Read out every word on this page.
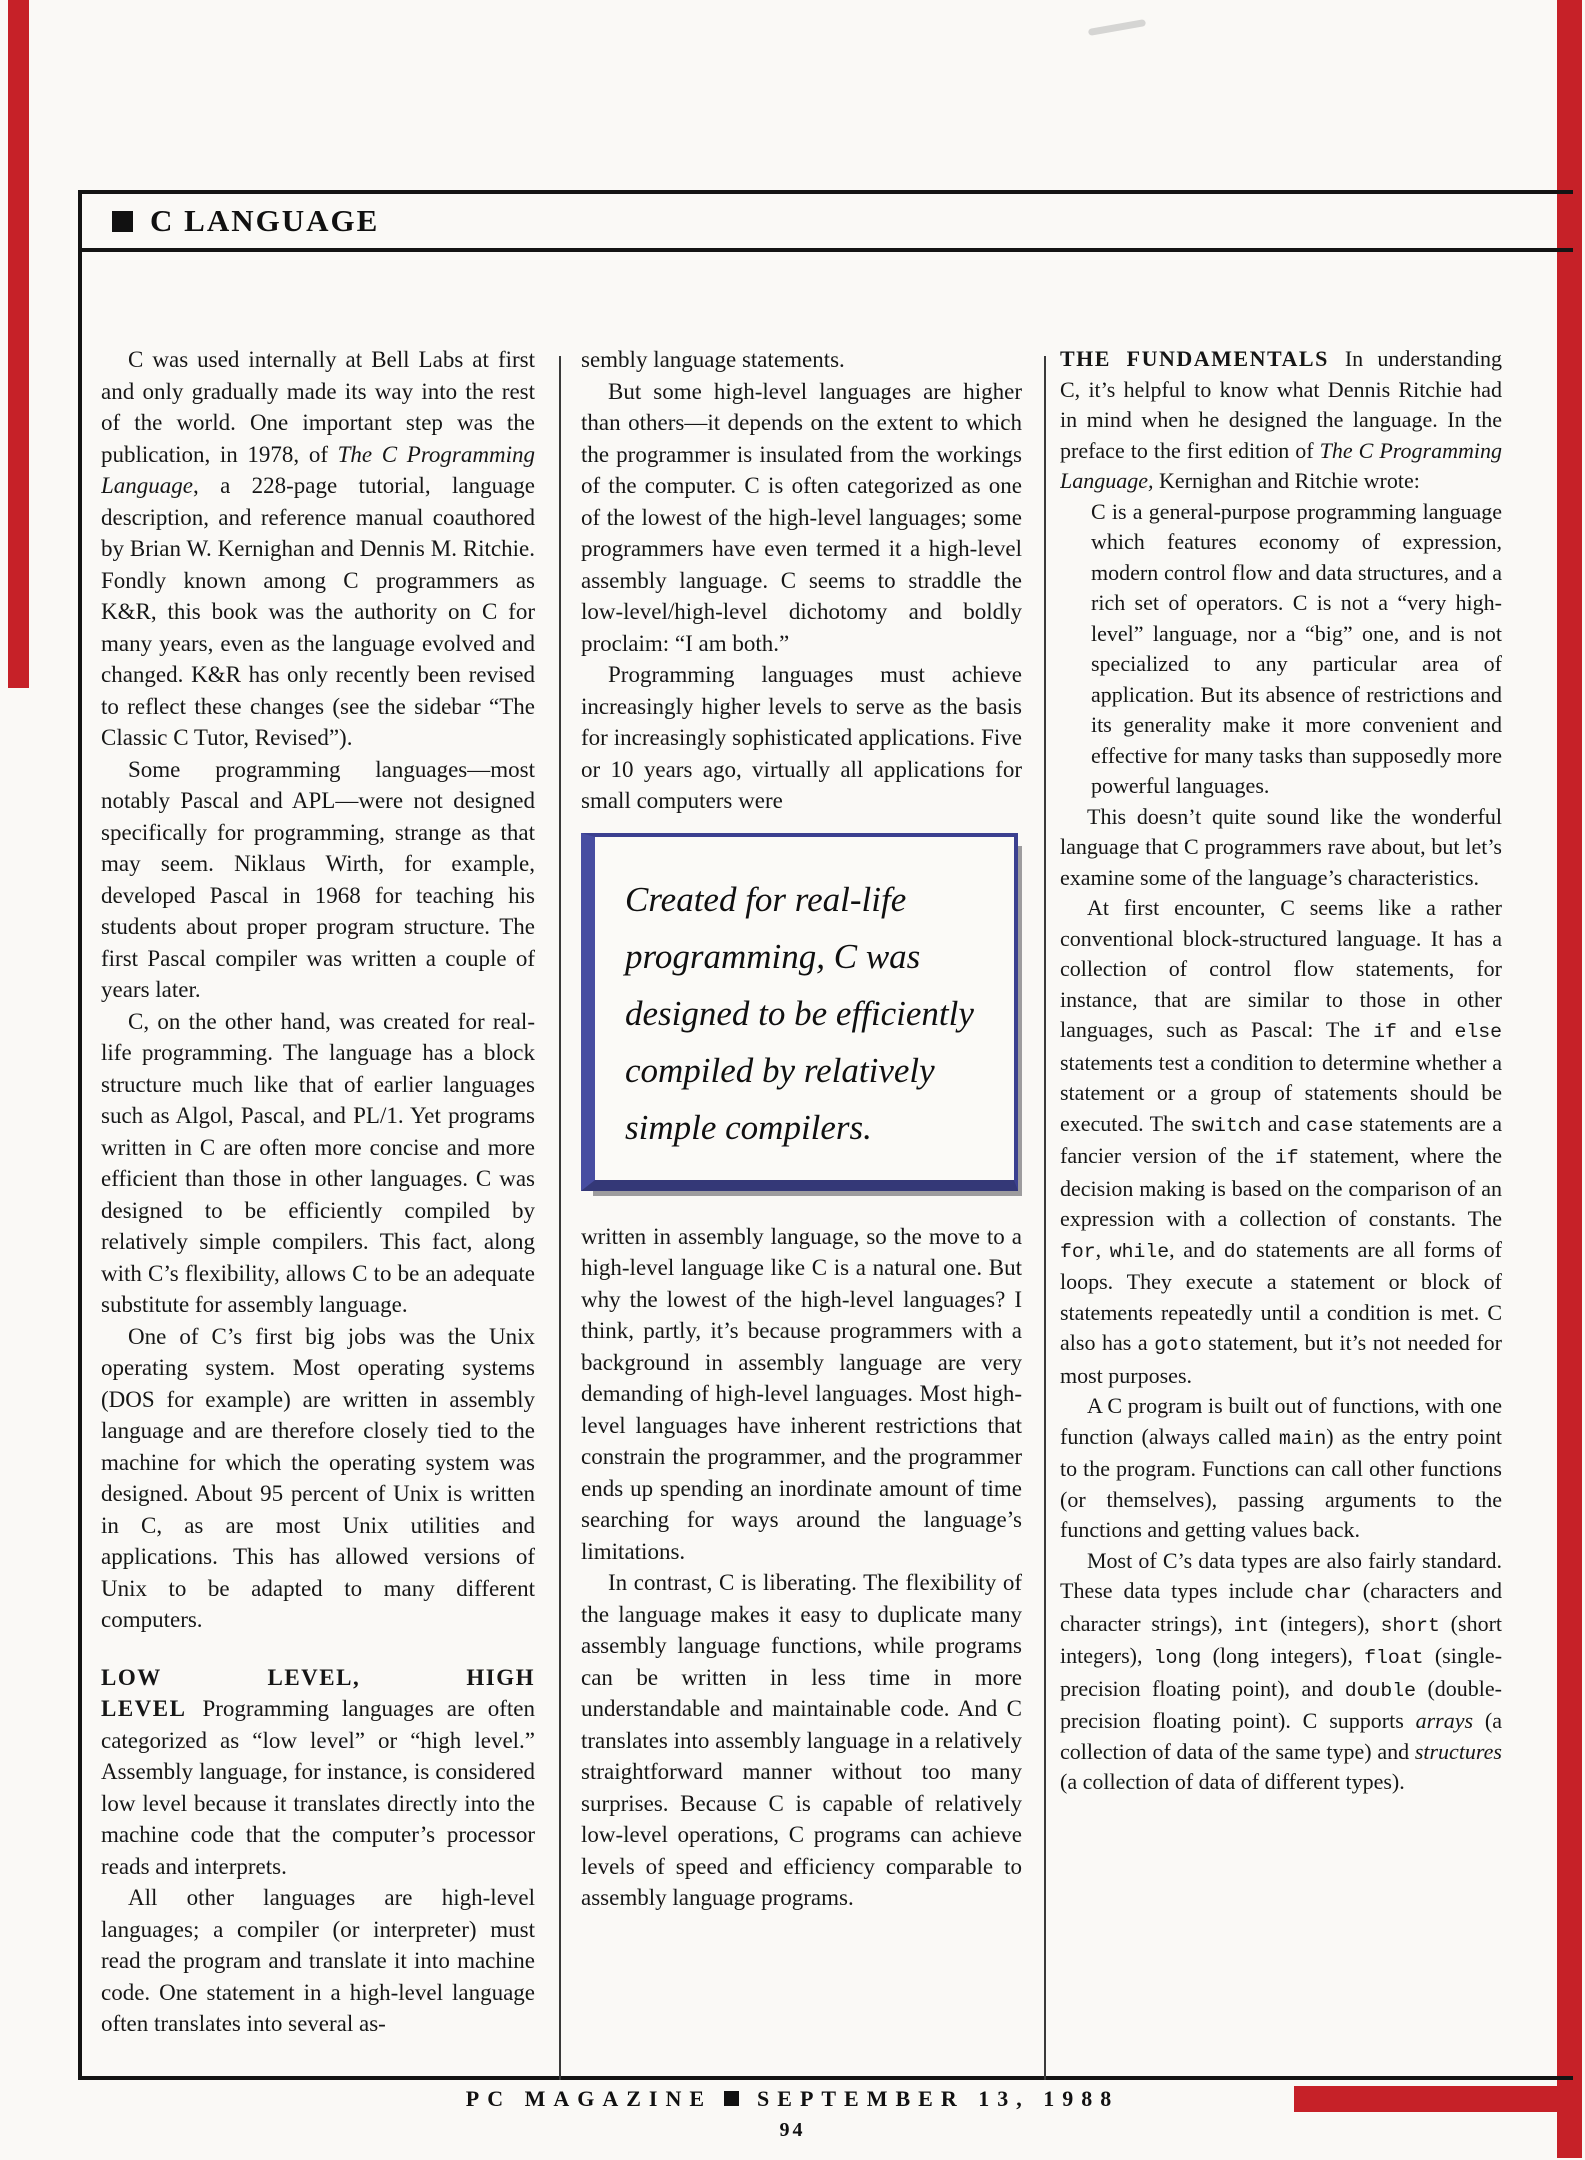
C LANGUAGE

C was used internally at Bell Labs at first and only gradually made its way into the rest of the world. One important step was the publication, in 1978, of The C Programming Language, a 228-page tutorial, language description, and reference manual coauthored by Brian W. Kernighan and Dennis M. Ritchie. Fondly known among C programmers as K&R, this book was the authority on C for many years, even as the language evolved and changed. K&R has only recently been revised to reflect these changes (see the sidebar “The Classic C Tutor, Revised”).

Some programming languages—most notably Pascal and APL—were not designed specifically for programming, strange as that may seem. Niklaus Wirth, for example, developed Pascal in 1968 for teaching his students about proper program structure. The first Pascal compiler was written a couple of years later.

C, on the other hand, was created for real-life programming. The language has a block structure much like that of earlier languages such as Algol, Pascal, and PL/1. Yet programs written in C are often more concise and more efficient than those in other languages. C was designed to be efficiently compiled by relatively simple compilers. This fact, along with C’s flexibility, allows C to be an adequate substitute for assembly language.

One of C’s first big jobs was the Unix operating system. Most operating systems (DOS for example) are written in assembly language and are therefore closely tied to the machine for which the operating system was designed. About 95 percent of Unix is written in C, as are most Unix utilities and applications. This has allowed versions of Unix to be adapted to many different computers.

LOW LEVEL, HIGH LEVEL Programming languages are often categorized as “low level” or “high level.” Assembly language, for instance, is considered low level because it translates directly into the machine code that the computer’s processor reads and interprets.

All other languages are high-level languages; a compiler (or interpreter) must read the program and translate it into machine code. One statement in a high-level language often translates into several as-

sembly language statements.

But some high-level languages are higher than others—it depends on the extent to which the programmer is insulated from the workings of the computer. C is often categorized as one of the lowest of the high-level languages; some programmers have even termed it a high-level assembly language. C seems to straddle the low-level/high-level dichotomy and boldly proclaim: “I am both.”

Programming languages must achieve increasingly higher levels to serve as the basis for increasingly sophisticated applications. Five or 10 years ago, virtually all applications for small computers were

Created for real-life programming, C was designed to be efficiently compiled by relatively simple compilers.

written in assembly language, so the move to a high-level language like C is a natural one. But why the lowest of the high-level languages? I think, partly, it’s because programmers with a background in assembly language are very demanding of high-level languages. Most high-level languages have inherent restrictions that constrain the programmer, and the programmer ends up spending an inordinate amount of time searching for ways around the language’s limitations.

In contrast, C is liberating. The flexibility of the language makes it easy to duplicate many assembly language functions, while programs can be written in less time in more understandable and maintainable code. And C translates into assembly language in a relatively straightforward manner without too many surprises. Because C is capable of relatively low-level operations, C programs can achieve levels of speed and efficiency comparable to assembly language programs.

THE FUNDAMENTALS In understanding C, it’s helpful to know what Dennis Ritchie had in mind when he designed the language. In the preface to the first edition of The C Programming Language, Kernighan and Ritchie wrote:

C is a general-purpose programming language which features economy of expression, modern control flow and data structures, and a rich set of operators. C is not a “very high-level” language, nor a “big” one, and is not specialized to any particular area of application. But its absence of restrictions and its generality make it more convenient and effective for many tasks than supposedly more powerful languages.

This doesn’t quite sound like the wonderful language that C programmers rave about, but let’s examine some of the language’s characteristics.

At first encounter, C seems like a rather conventional block-structured language. It has a collection of control flow statements, for instance, that are similar to those in other languages, such as Pascal: The if and else statements test a condition to determine whether a statement or a group of statements should be executed. The switch and case statements are a fancier version of the if statement, where the decision making is based on the comparison of an expression with a collection of constants. The for, while, and do statements are all forms of loops. They execute a statement or block of statements repeatedly until a condition is met. C also has a goto statement, but it’s not needed for most purposes.

A C program is built out of functions, with one function (always called main) as the entry point to the program. Functions can call other functions (or themselves), passing arguments to the functions and getting values back.

Most of C’s data types are also fairly standard. These data types include char (characters and character strings), int (integers), short (short integers), long (long integers), float (single-precision floating point), and double (double-precision floating point). C supports arrays (a collection of data of the same type) and structures (a collection of data of different types).

PC MAGAZINE SEPTEMBER 13, 1988
94
